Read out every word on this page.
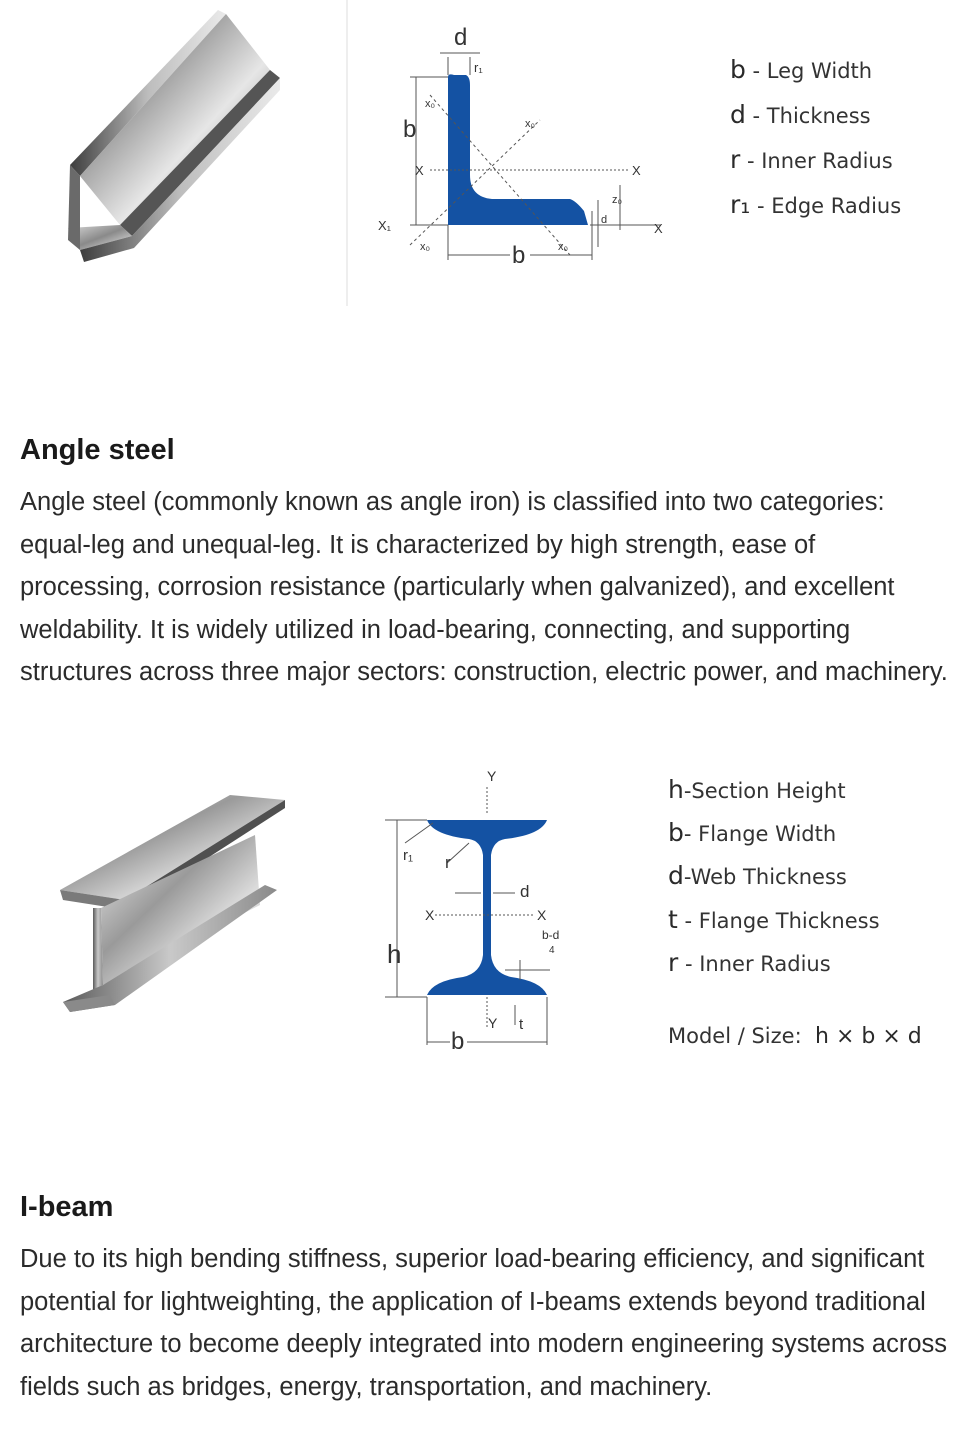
d
r₁
b
x₀
x₀
x₀	x₀
X	X
X₁	X
r
z₀
d
b
b - Leg Width
d - Thickness
r - Inner Radius
r₁ - Edge Radius
Angle steel

Angle steel (commonly known as angle iron) is classified into two categories: equal-leg and unequal-leg. It is characterized by high strength, ease of processing, corrosion resistance (particularly when galvanized), and excellent weldability. It is widely utilized in load-bearing, connecting, and supporting structures across three major sectors: construction, electric power, and machinery.

Y
r₁ r
d
X	X
h
b-d
4
Y t
b
h-Section Height
b- Flange Width
d-Web Thickness
t - Flange Thickness
r - Inner Radius
Model / Size: h × b × d
I-beam

Due to its high bending stiffness, superior load-bearing efficiency, and significant potential for lightweighting, the application of I-beams extends beyond traditional architecture to become deeply integrated into modern engineering systems across fields such as bridges, energy, transportation, and machinery.
